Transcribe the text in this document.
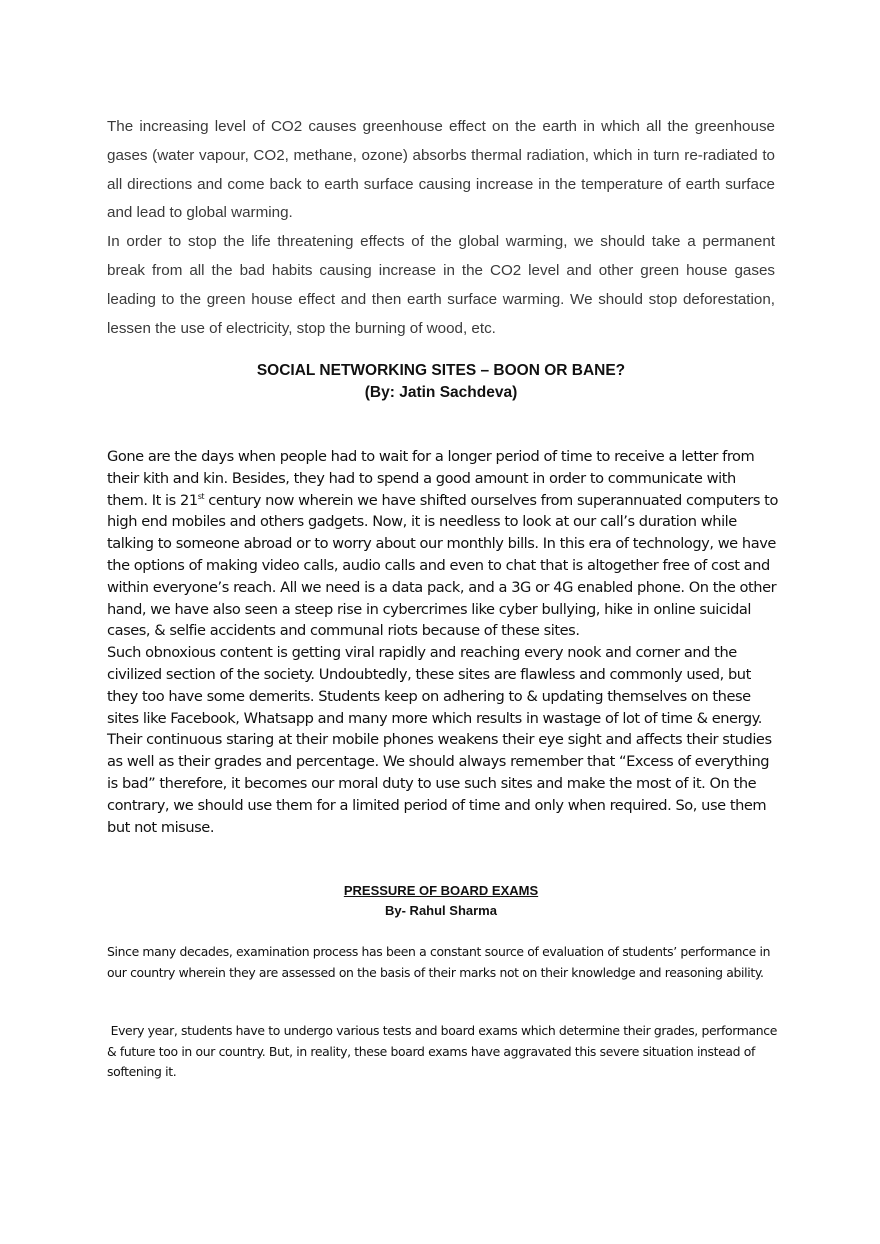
The increasing level of CO2 causes greenhouse effect on the earth in which all the greenhouse gases (water vapour, CO2, methane, ozone) absorbs thermal radiation, which in turn re-radiated to all directions and come back to earth surface causing increase in the temperature of earth surface and lead to global warming.

In order to stop the life threatening effects of the global warming, we should take a permanent break from all the bad habits causing increase in the CO2 level and other green house gases leading to the green house effect and then earth surface warming. We should stop deforestation, lessen the use of electricity, stop the burning of wood, etc.

SOCIAL NETWORKING SITES – BOON OR BANE?
(By: Jatin Sachdeva)

Gone are the days when people had to wait for a longer period of time to receive a letter from their kith and kin. Besides, they had to spend a good amount in order to communicate with them. It is 21st century now wherein we have shifted ourselves from superannuated computers to high end mobiles and others gadgets. Now, it is needless to look at our call’s duration while talking to someone abroad or to worry about our monthly bills. In this era of technology, we have the options of making video calls, audio calls and even to chat that is altogether free of cost and within everyone’s reach. All we need is a data pack, and a 3G or 4G enabled phone. On the other hand, we have also seen a steep rise in cybercrimes like cyber bullying, hike in online suicidal cases, & selfie accidents and communal riots because of these sites.

Such obnoxious content is getting viral rapidly and reaching every nook and corner and the civilized section of the society. Undoubtedly, these sites are flawless and commonly used, but they too have some demerits. Students keep on adhering to & updating themselves on these sites like Facebook, Whatsapp and many more which results in wastage of lot of time & energy. Their continuous staring at their mobile phones weakens their eye sight and affects their studies as well as their grades and percentage. We should always remember that “Excess of everything is bad” therefore, it becomes our moral duty to use such sites and make the most of it. On the contrary, we should use them for a limited period of time and only when required. So, use them but not misuse.

PRESSURE OF BOARD EXAMS
By- Rahul Sharma

Since many decades, examination process has been a constant source of evaluation of students’ performance in our country wherein they are assessed on the basis of their marks not on their knowledge and reasoning ability.

Every year, students have to undergo various tests and board exams which determine their grades, performance & future too in our country. But, in reality, these board exams have aggravated this severe situation instead of softening it.
